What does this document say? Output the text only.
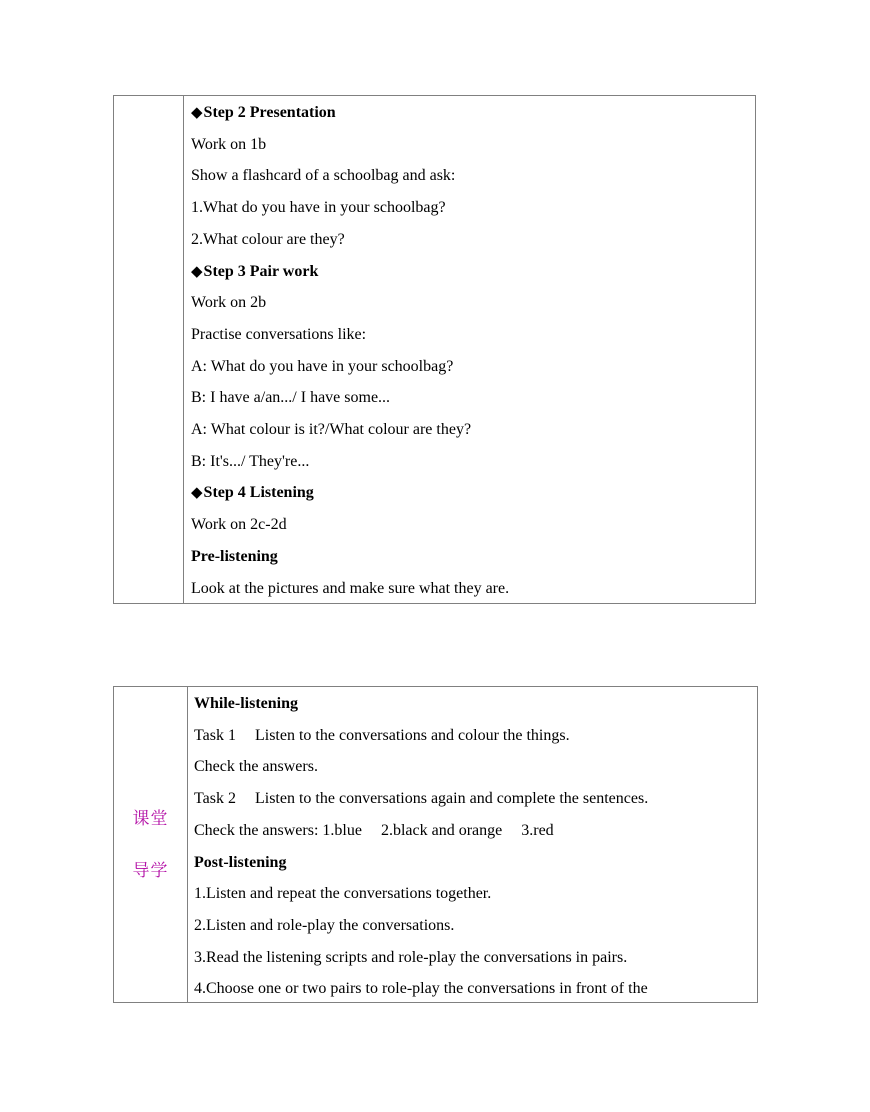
◆ Step 2 Presentation
Work on 1b
Show a flashcard of a schoolbag and ask:
1.What do you have in your schoolbag?
2.What colour are they?
◆ Step 3 Pair work
Work on 2b
Practise conversations like:
A: What do you have in your schoolbag?
B: I have a/an.../ I have some...
A: What colour is it?/What colour are they?
B: It's.../ They're...
◆ Step 4 Listening
Work on 2c-2d
Pre-listening
Look at the pictures and make sure what they are.
课堂
导学
While-listening
Task 1 Listen to the conversations and colour the things.
Check the answers.
Task 2 Listen to the conversations again and complete the sentences.
Check the answers: 1.blue 2.black and orange 3.red
Post-listening
1.Listen and repeat the conversations together.
2.Listen and role-play the conversations.
3.Read the listening scripts and role-play the conversations in pairs.
4.Choose one or two pairs to role-play the conversations in front of the
